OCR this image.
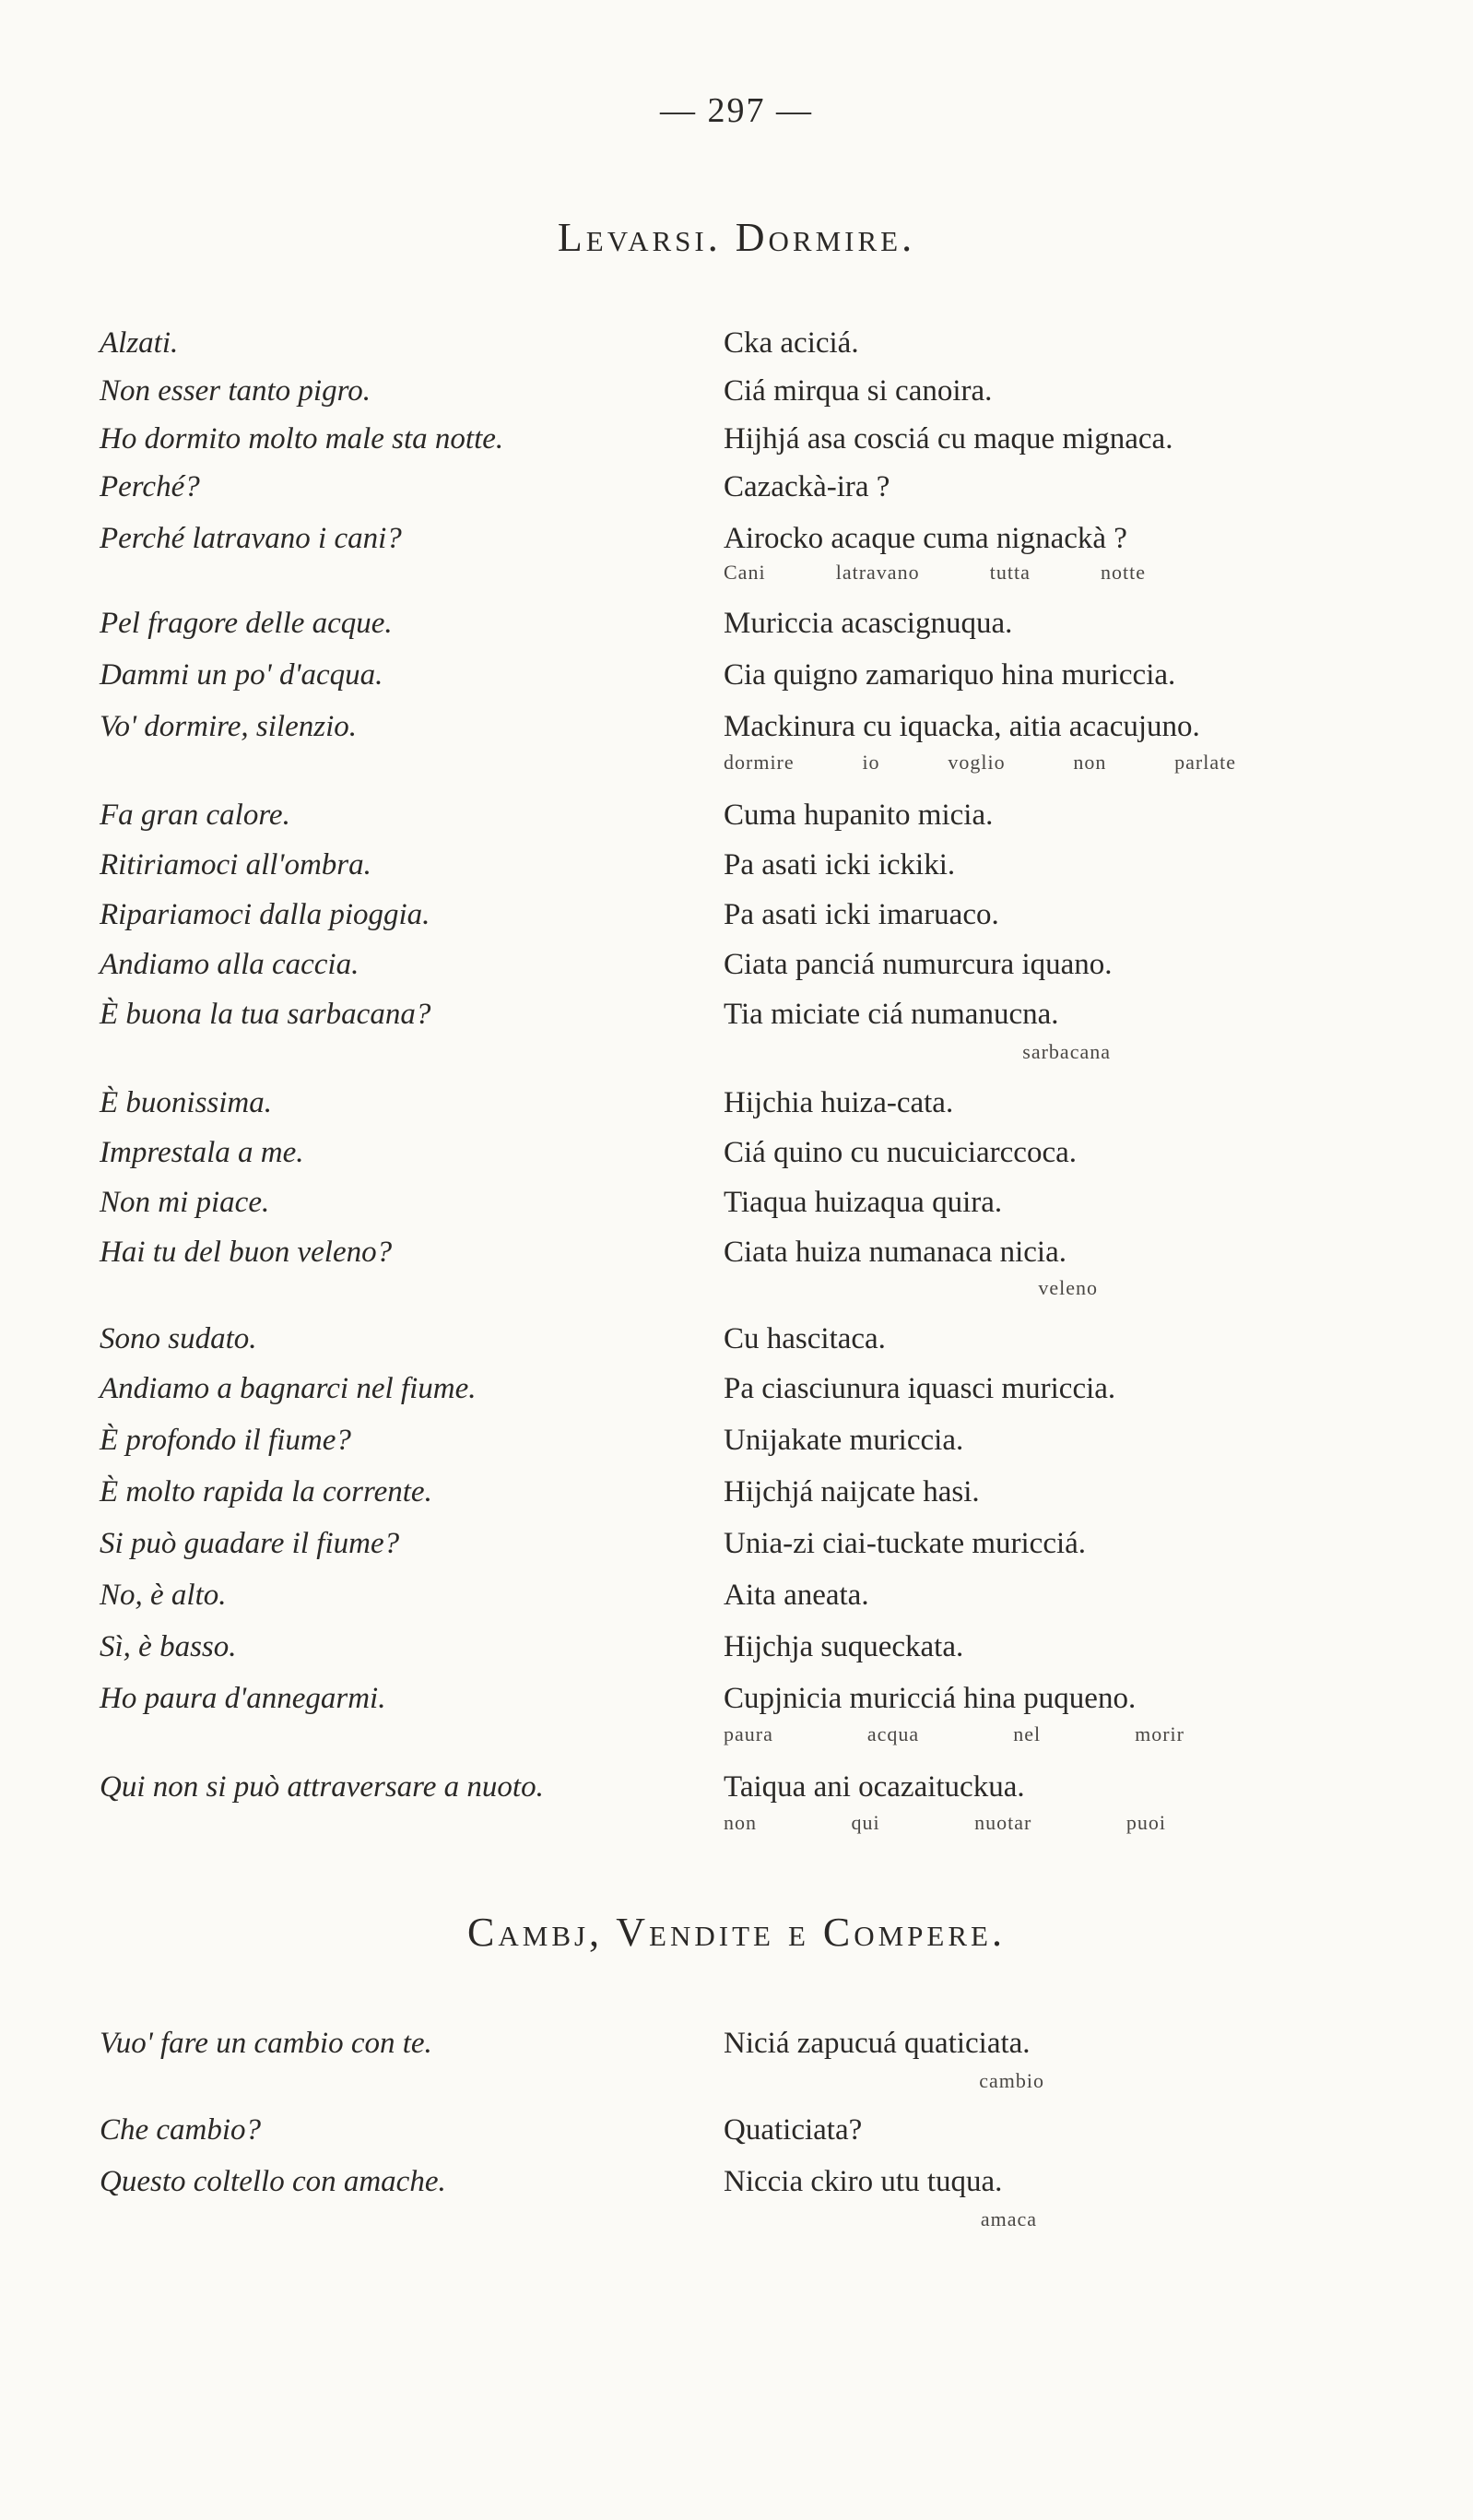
— 297 —
Levarsi. Dormire.
Alzati.	Cka aciciá.
Non esser tanto pigro.	Ciá mirqua si canoira.
Ho dormito molto male sta notte.	Hijhjá asa cosciá cu maque mignaca.
Perché?	Cazackà-ira ?
Perché latravano i cani?	Airocko acaque cuma nignackà ?
Cani	latravano	tutta	notte
Pel fragore delle acque.	Muriccia acascignuqua.
Dammi un po' d'acqua.	Cia quigno zamariquo hina muriccia.
Vo' dormire, silenzio.	Mackinura cu iquacka, aitia acacujuno.
dormire	io	voglio	non	parlate
Fa gran calore.	Cuma hupanito micia.
Ritiriamoci all'ombra.	Pa asati icki ickiki.
Ripariamoci dalla pioggia.	Pa asati icki imaruaco.
Andiamo alla caccia.	Ciata panciá numurcura iquano.
È buona la tua sarbacana?	Tia miciate ciá numanucna.
sarbacana
È buonissima.	Hijchia huiza-cata.
Imprestala a me.	Ciá quino cu nucuiciarccoca.
Non mi piace.	Tiaqua huizaqua quira.
Hai tu del buon veleno?	Ciata huiza numanaca nicia.
veleno
Sono sudato.	Cu hascitaca.
Andiamo a bagnarci nel fiume.	Pa ciasciunura iquasci muriccia.
È profondo il fiume?	Unijakate muriccia.
È molto rapida la corrente.	Hijchjá naijcate hasi.
Si può guadare il fiume?	Unia-zi ciai-tuckate muricciá.
No, è alto.	Aita aneata.
Sì, è basso.	Hijchja suqueckata.
Ho paura d'annegarmi.	Cupjnicia muricciá hina puqueno.
paura	acqua	nel	morir
Qui non si può attraversare a nuoto.	Taiqua ani ocazaituckua.
non	qui	nuotar	puoi
Cambj, Vendite e Compere.
Vuo' fare un cambio con te.	Niciá zapucuá quaticiata.
cambio
Che cambio?	Quaticiata?
Questo coltello con amache.	Niccia ckiro utu tuqua.
amaca
